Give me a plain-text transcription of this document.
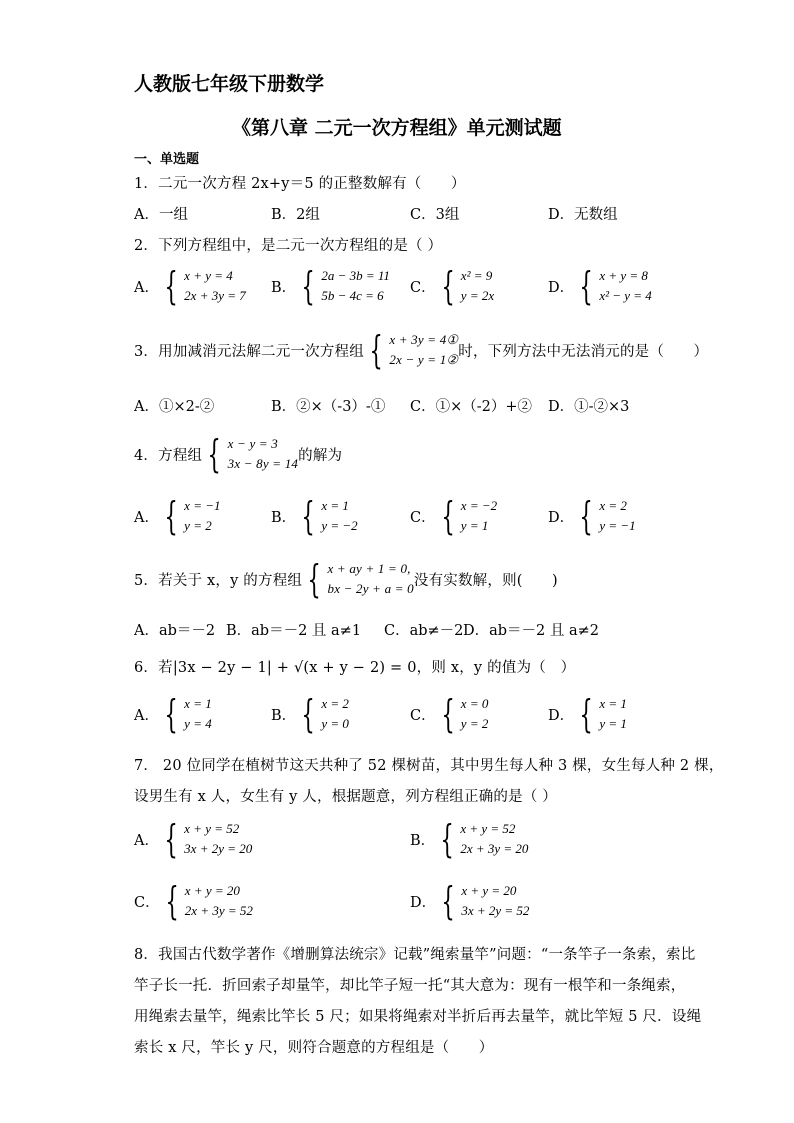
人教版七年级下册数学
《第八章 二元一次方程组》单元测试题
一、单选题
1．二元一次方程 2x+y＝5 的正整数解有（　　）
A．一组	B．2组	C．3组	D．无数组
2．下列方程组中，是二元一次方程组的是（ ）
A． { x + y = 4
2x + 3y = 7 B． { 2a − 3b = 11
5b − 4c = 6	C． { x² = 9
y = 2x	D． { x + y = 8
x² − y = 4
3．用加减消元法解二元一次方程组 { x + 3y = 4①
2x − y = 1② 时，下列方法中无法消元的是（　　）
A．①×2-②	B．②×（-3）-① C．①×（-2）+② D．①-②×3
4．方程组 { x − y = 3
3x − 8y = 14 的解为
A． { x = −1
y = 2	B． { x = 1
y = −2	C． { x = −2
y = 1	D． { x = 2
y = −1
5．若关于 x，y 的方程组 { x + ay + 1 = 0,
bx − 2y + a = 0 没有实数解，则(　　)
A．ab＝－2 B．ab＝－2 且 a≠1 C．ab≠－2 D．ab＝－2 且 a≠2
6．若|3x − 2y − 1| + √(x + y − 2) = 0，则 x，y 的值为（　）
A． { x = 1
y = 4	B． { x = 2
y = 0	C． { x = 0
y = 2	D． { x = 1
y = 1
7． 20 位同学在植树节这天共种了 52 棵树苗，其中男生每人种 3 棵，女生每人种 2 棵，
设男生有 x 人，女生有 y 人，根据题意，列方程组正确的是（ ）
A． { x + y = 52
3x + 2y = 20	B． { x + y = 52
2x + 3y = 20
C． { x + y = 20
2x + 3y = 52	D． { x + y = 20
3x + 2y = 52
8．我国古代数学著作《增删算法统宗》记载”绳索量竿”问题：“一条竿子一条索，索比
竿子长一托．折回索子却量竿，却比竿子短一托“其大意为：现有一根竿和一条绳索，
用绳索去量竿，绳索比竿长 5 尺；如果将绳索对半折后再去量竿，就比竿短 5 尺．设绳
索长 x 尺，竿长 y 尺，则符合题意的方程组是（　　）
